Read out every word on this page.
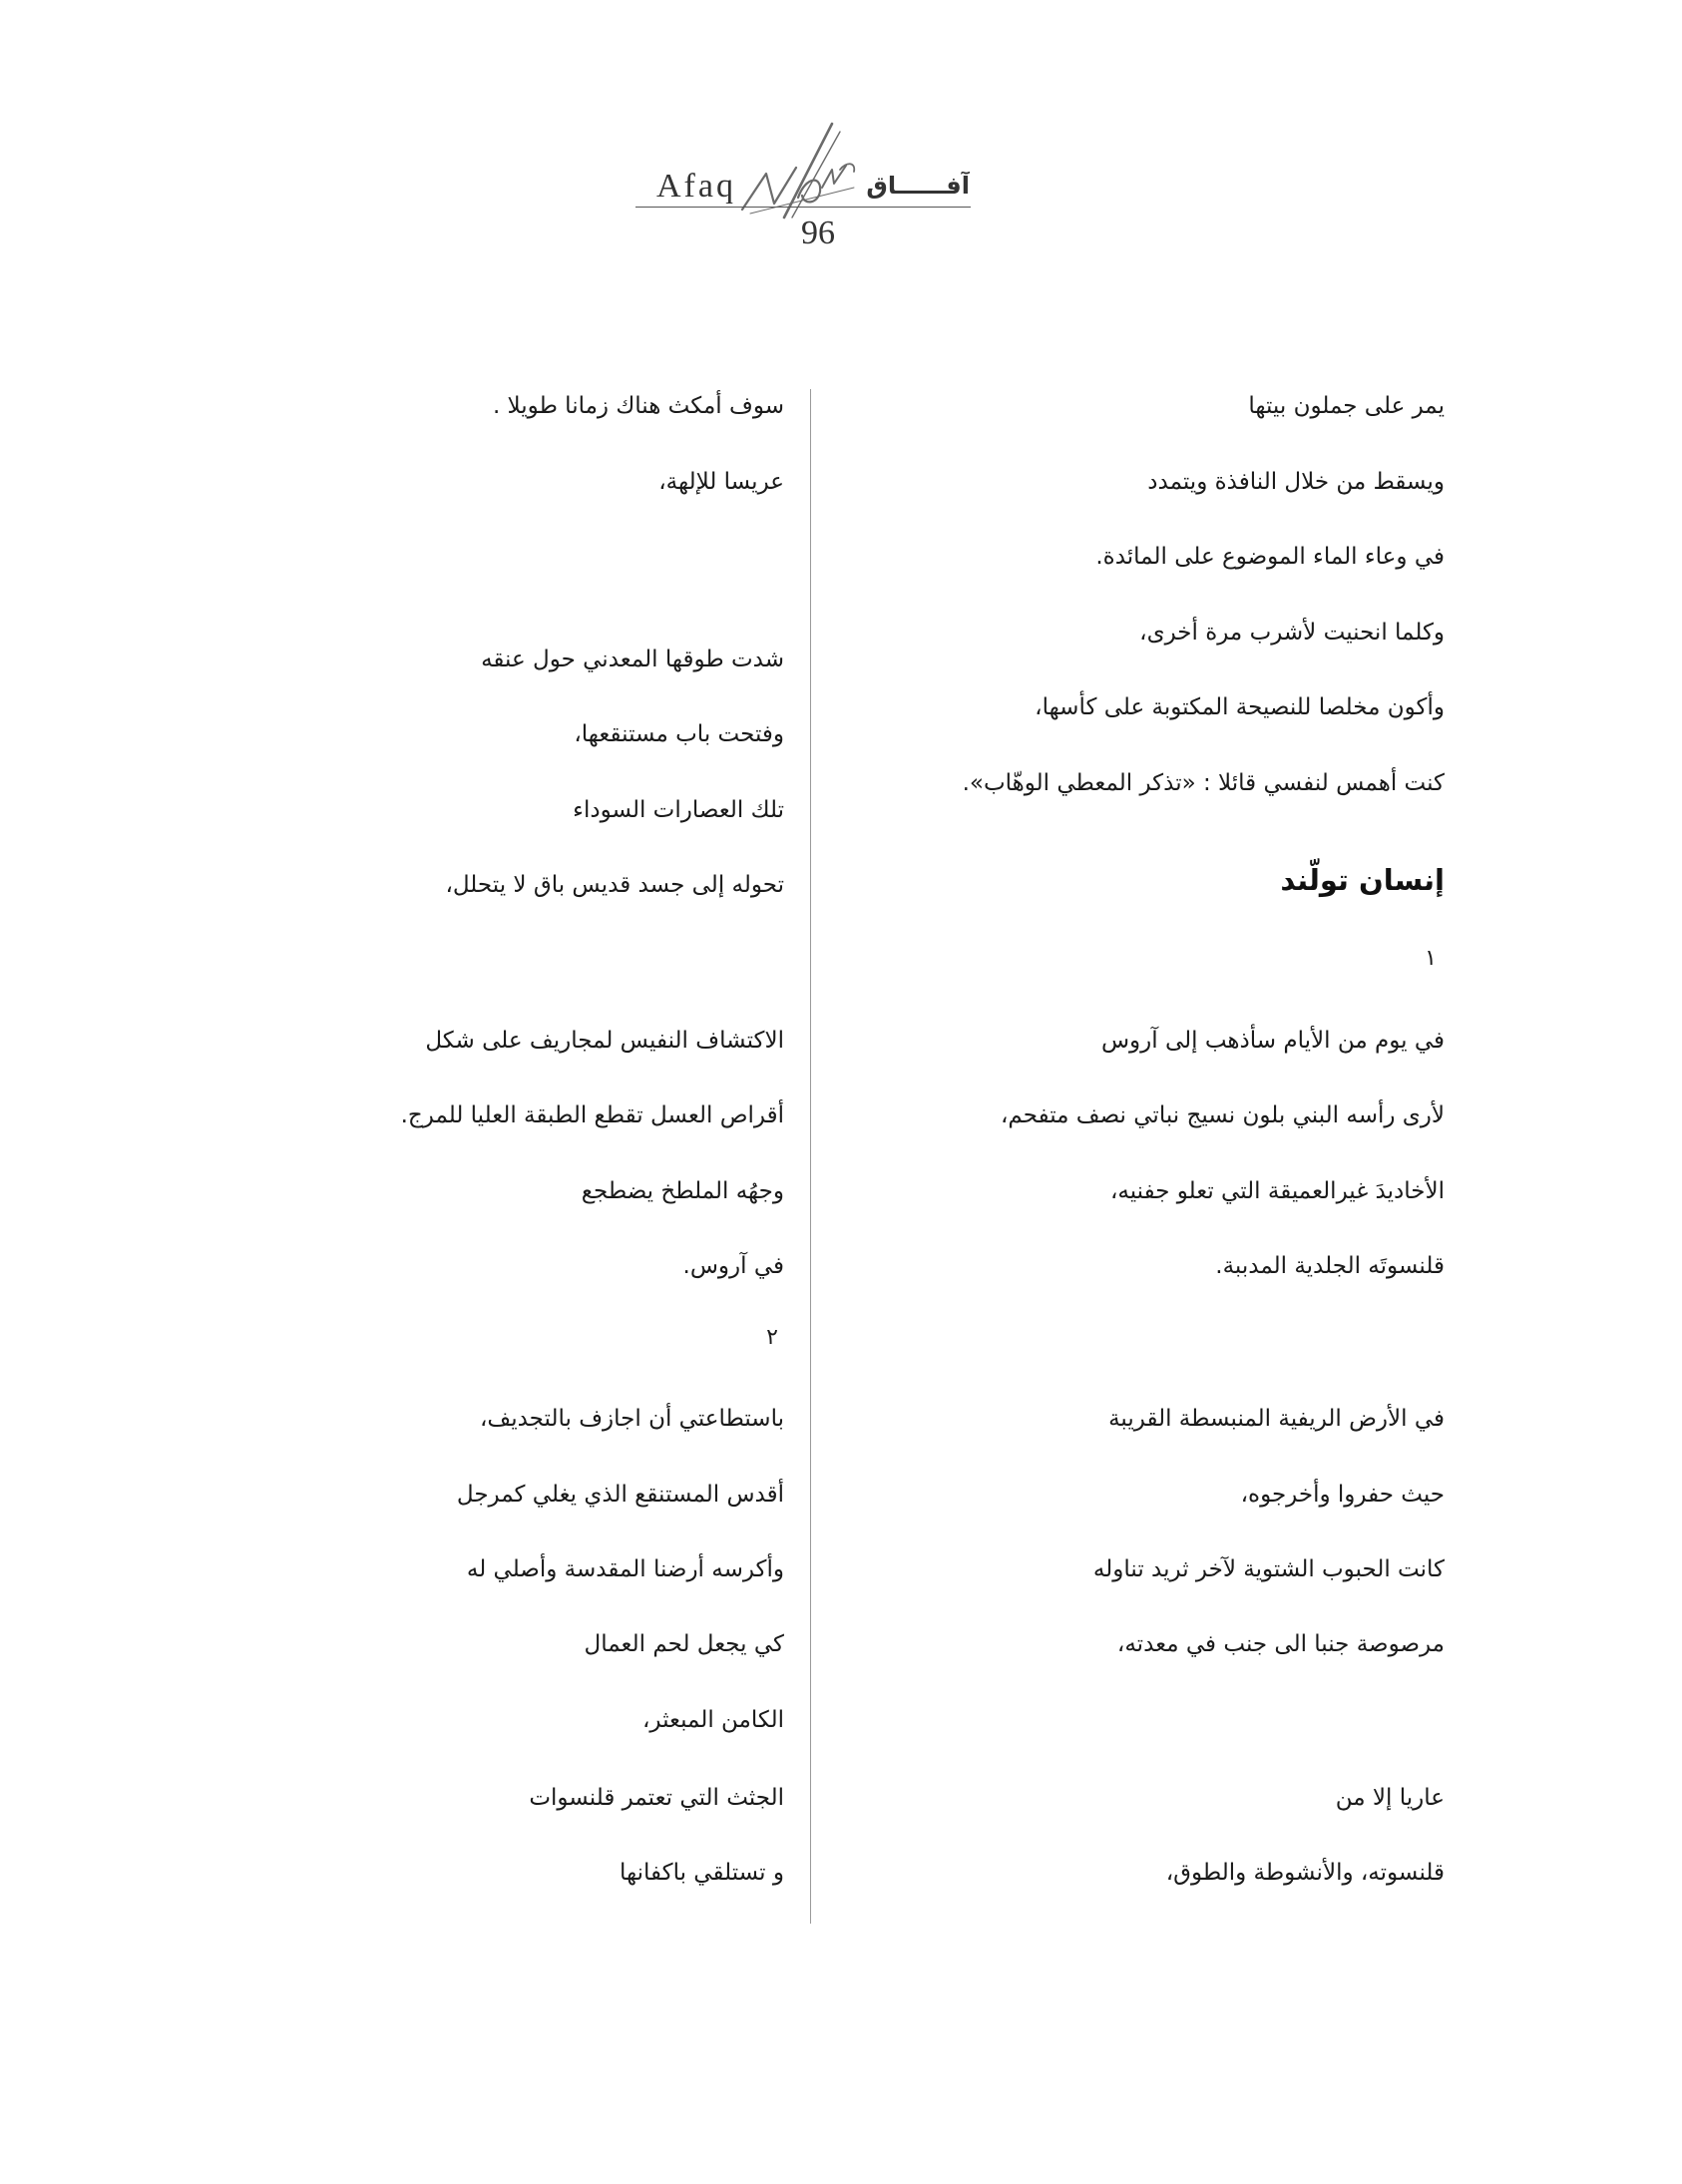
Afaq	آفــــــاق
96
يمر على جملون بيتها
ويسقط من خلال النافذة ويتمدد
في وعاء الماء الموضوع على المائدة.
وكلما انحنيت لأشرب مرة أخرى،
وأكون مخلصا للنصيحة المكتوبة على كأسها،
كنت أهمس لنفسي قائلا : «تذكر المعطي الوهّاب».
إنسان تولّند
١
في يوم من الأيام سأذهب إلى آروس
لأرى رأسه البني بلون نسيج نباتي نصف متفحم،
الأخاديدَ غيرالعميقة التي تعلو جفنيه،
قلنسوتَه الجلدية المدببة.
في الأرض الريفية المنبسطة القريبة
حيث حفروا وأخرجوه،
كانت الحبوب الشتوية لآخر ثريد تناوله
مرصوصة جنبا الى جنب في معدته،
عاريا إلا من
قلنسوته، والأنشوطة والطوق،
سوف أمكث هناك زمانا طويلا .
عريسا للإلهة،
شدت طوقها المعدني حول عنقه
وفتحت باب مستنقعها،
تلك العصارات السوداء
تحوله إلى جسد قديس باق لا يتحلل،
الاكتشاف النفيس لمجاريف على شكل
أقراص العسل تقطع الطبقة العليا للمرج.
وجهُه الملطخ يضطجع
في آروس.
٢
باستطاعتي أن اجازف بالتجديف،
أقدس المستنقع الذي يغلي كمرجل
وأكرسه أرضنا المقدسة وأصلي له
كي يجعل لحم العمال
الكامن المبعثر،
الجثث التي تعتمر قلنسوات
و تستلقي باكفانها
